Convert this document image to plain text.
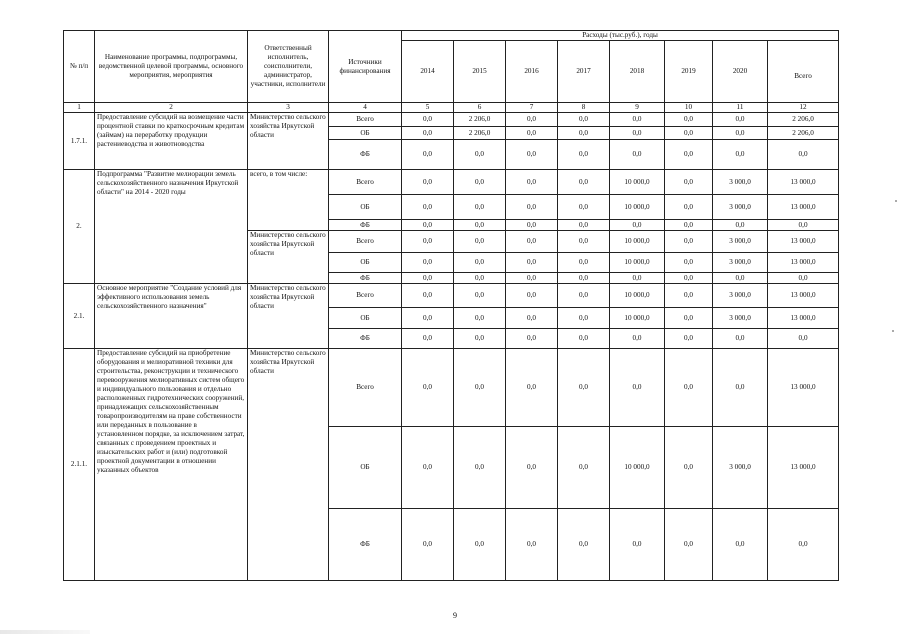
№ п/п	Наименование программы, подпрограммы, ведомственной целевой программы, основного мероприятия, мероприятия	Ответственный исполнитель, соисполнители, администратор, участники, исполнители	Источники финансирования	Расходы (тыс.руб.), годы							
				2014	2015	2016	2017	2018	2019	2020	Всего
1	2	3	4	5	6	7	8	9	10	11	12
1.7.1.	Предоставление субсидий на возмещение части процентной ставки по краткосрочным кредитам (займам) на переработку продукции растениеводства и животноводства	Министерство сельского хозяйства Иркутской области	Всего	0,0	2 206,0	0,0	0,0	0,0	0,0	0,0	2 206,0
			ОБ	0,0	2 206,0	0,0	0,0	0,0	0,0	0,0	2 206,0
			ФБ	0,0	0,0	0,0	0,0	0,0	0,0	0,0	0,0
2.	Подпрограмма "Развитие мелиорации земель сельскохозяйственного назначения Иркутской области" на 2014 - 2020 годы	всего, в том числе:	Всего	0,0	0,0	0,0	0,0	10 000,0	0,0	3 000,0	13 000,0
			ОБ	0,0	0,0	0,0	0,0	10 000,0	0,0	3 000,0	13 000,0
			ФБ	0,0	0,0	0,0	0,0	0,0	0,0	0,0	0,0
		Министерство сельского хозяйства Иркутской области	Всего	0,0	0,0	0,0	0,0	10 000,0	0,0	3 000,0	13 000,0
			ОБ	0,0	0,0	0,0	0,0	10 000,0	0,0	3 000,0	13 000,0
			ФБ	0,0	0,0	0,0	0,0	0,0	0,0	0,0	0,0
2.1.	Основное мероприятие "Создание условий для эффективного использования земель сельскохозяйственного назначения"	Министерство сельского хозяйства Иркутской области	Всего	0,0	0,0	0,0	0,0	10 000,0	0,0	3 000,0	13 000,0
			ОБ	0,0	0,0	0,0	0,0	10 000,0	0,0	3 000,0	13 000,0
			ФБ	0,0	0,0	0,0	0,0	0,0	0,0	0,0	0,0
2.1.1.	Предоставление субсидий на приобретение оборудования и мелиоративной техники для строительства, реконструкции и технического перевооружения мелиоративных систем общего и индивидуального пользования и отдельно расположенных гидротехнических сооружений, принадлежащих сельскохозяйственным товаропроизводителям на праве собственности или переданных в пользование в установленном порядке, за исключением затрат, связанных с проведением проектных и изыскательских работ и (или) подготовкой проектной документации в отношении указанных объектов	Министерство сельского хозяйства Иркутской области	Всего	0,0	0,0	0,0	0,0	0,0	0,0	0,0	13 000,0
			ОБ	0,0	0,0	0,0	0,0	10 000,0	0,0	3 000,0	13 000,0
			ФБ	0,0	0,0	0,0	0,0	0,0	0,0	0,0	0,0
9
